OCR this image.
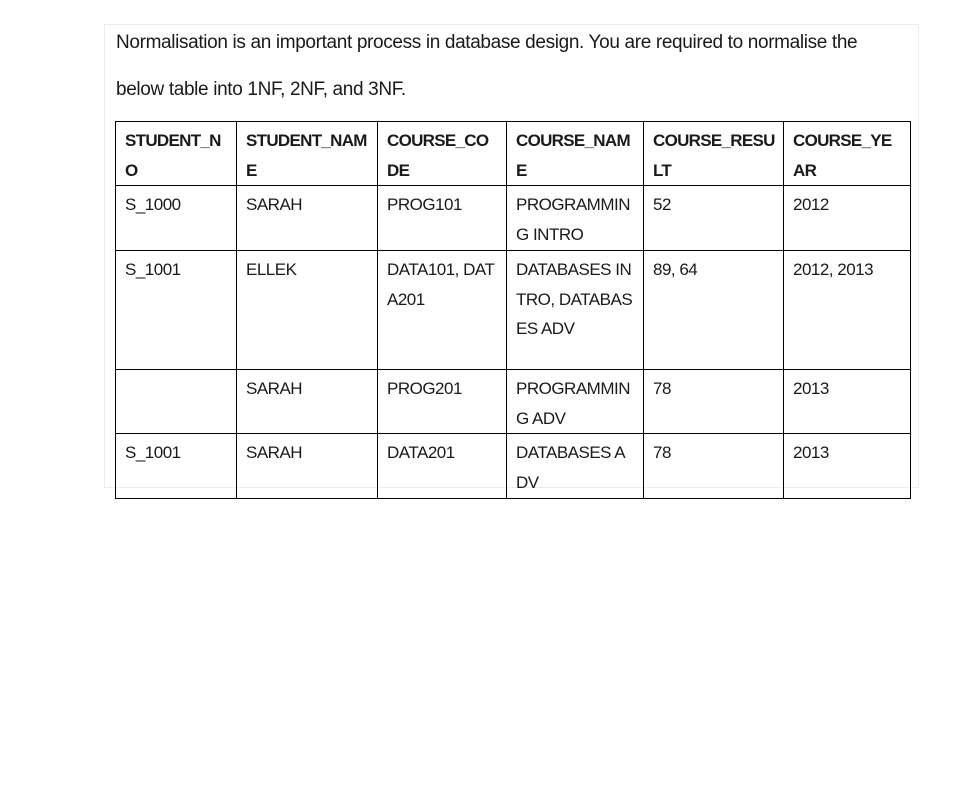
Normalisation is an important process in database design. You are required to normalise the
below table into 1NF, 2NF, and 3NF.
STUDENT_NO	STUDENT_NAME	COURSE_CODE	COURSE_NAME	COURSE_RESULT	COURSE_YEAR
S_1000	SARAH	PROG101	PROGRAMMING INTRO	52	2012
S_1001	ELLEK	DATA101, DATA201	DATABASES INTRO, DATABASES ADV	89, 64	2012, 2013
	SARAH	PROG201	PROGRAMMING ADV	78	2013
S_1001	SARAH	DATA201	DATABASES ADV	78	2013
